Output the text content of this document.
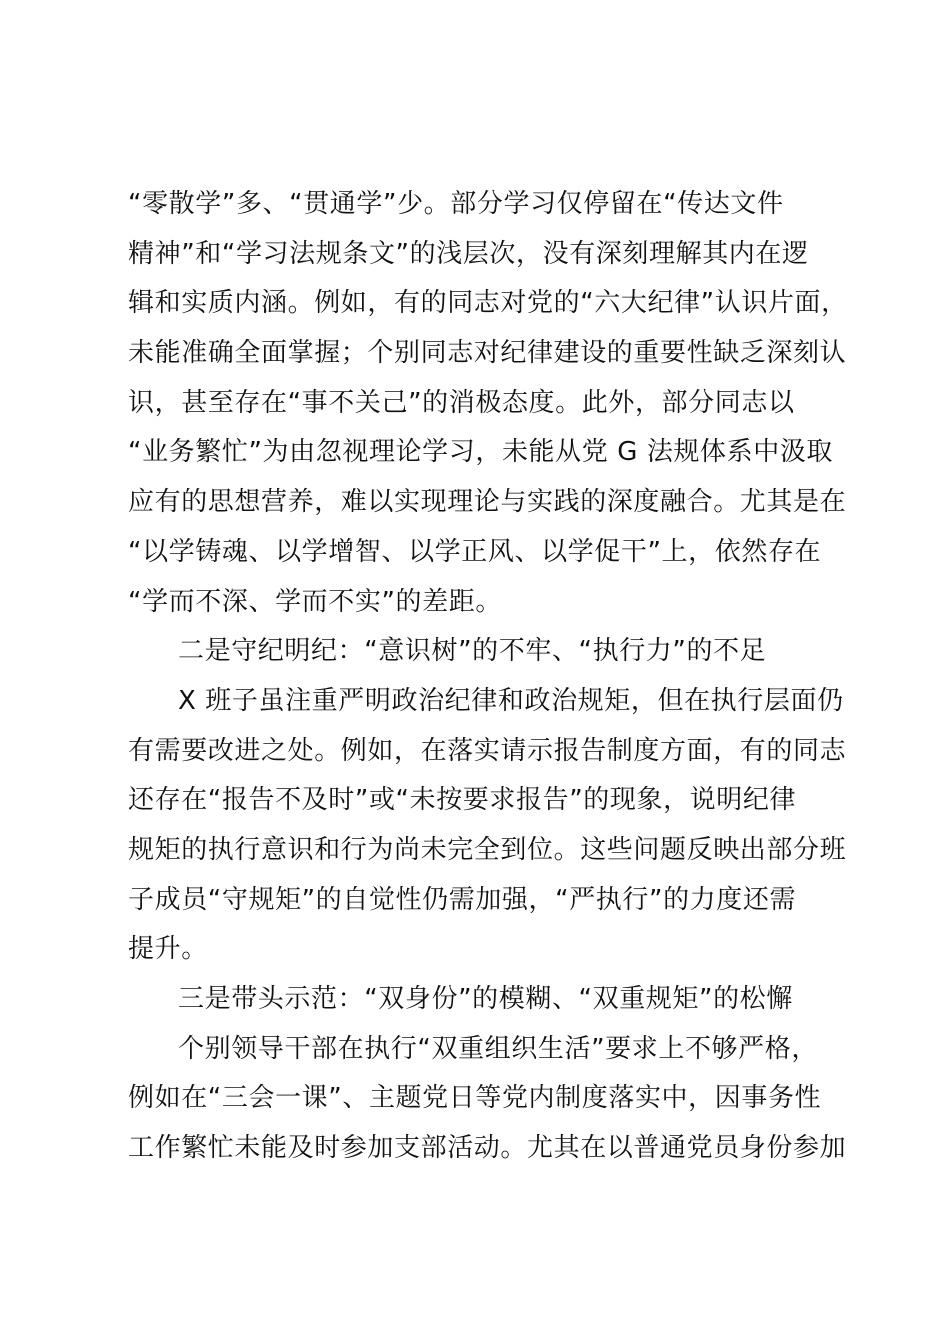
“零散学”多、“贯通学”少。部分学习仅停留在“传达文件
精神”和“学习法规条文”的浅层次，没有深刻理解其内在逻
辑和实质内涵。例如，有的同志对党的“六大纪律”认识片面，
未能准确全面掌握；个别同志对纪律建设的重要性缺乏深刻认
识，甚至存在“事不关己”的消极态度。此外，部分同志以
“业务繁忙”为由忽视理论学习，未能从党 G 法规体系中汲取
应有的思想营养，难以实现理论与实践的深度融合。尤其是在
“以学铸魂、以学增智、以学正风、以学促干”上，依然存在
“学而不深、学而不实”的差距。
二是守纪明纪：“意识树”的不牢、“执行力”的不足
X 班子虽注重严明政治纪律和政治规矩，但在执行层面仍
有需要改进之处。例如，在落实请示报告制度方面，有的同志
还存在“报告不及时”或“未按要求报告”的现象，说明纪律
规矩的执行意识和行为尚未完全到位。这些问题反映出部分班
子成员“守规矩”的自觉性仍需加强，“严执行”的力度还需
提升。
三是带头示范：“双身份”的模糊、“双重规矩”的松懈
个别领导干部在执行“双重组织生活”要求上不够严格，
例如在“三会一课”、主题党日等党内制度落实中，因事务性
工作繁忙未能及时参加支部活动。尤其在以普通党员身份参加
